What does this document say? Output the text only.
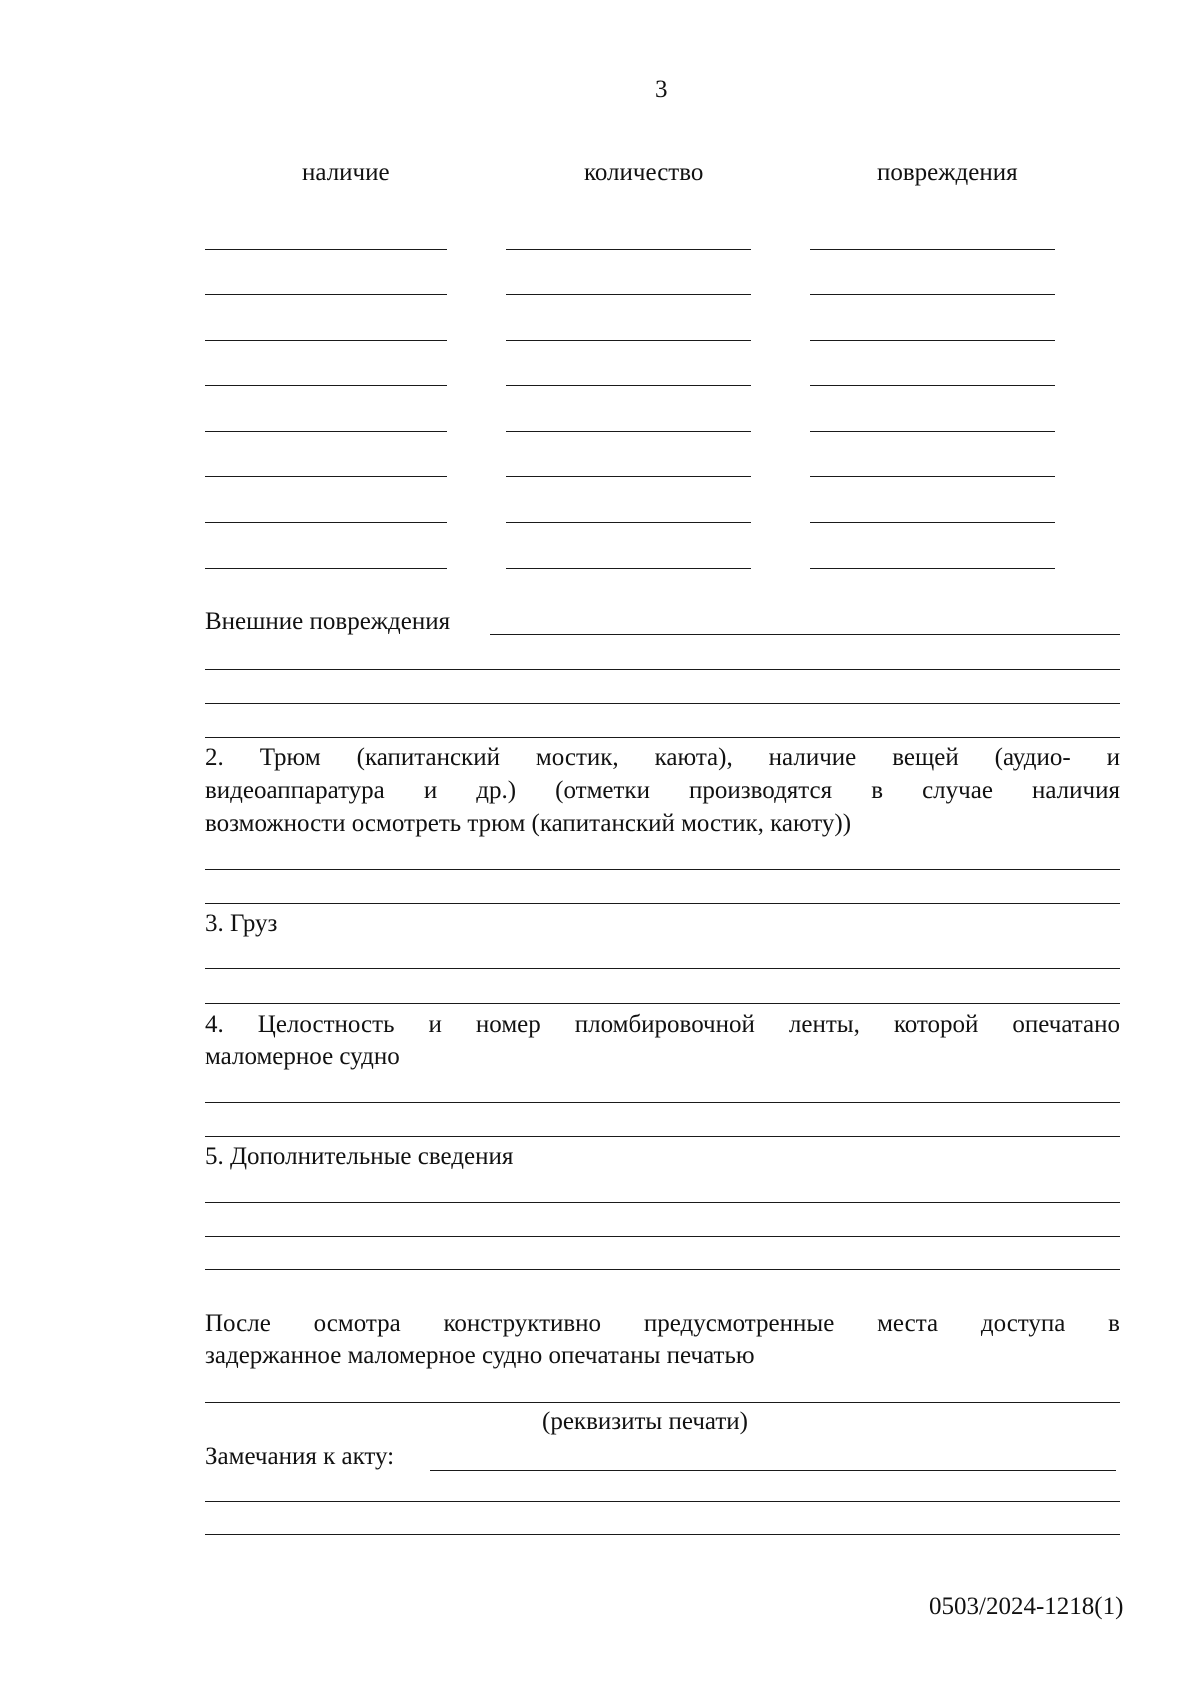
3
наличие	количество	повреждения
Внешние повреждения
2. Трюм (капитанский мостик, каюта), наличие вещей (аудио- и
видеоаппаратура и др.) (отметки производятся в случае наличия
возможности осмотреть трюм (капитанский мостик, каюту))
3. Груз
4. Целостность и номер пломбировочной ленты, которой опечатано
маломерное судно
5. Дополнительные сведения
После осмотра конструктивно предусмотренные места доступа в
задержанное маломерное судно опечатаны печатью
(реквизиты печати)
Замечания к акту:
0503/2024-1218(1)
